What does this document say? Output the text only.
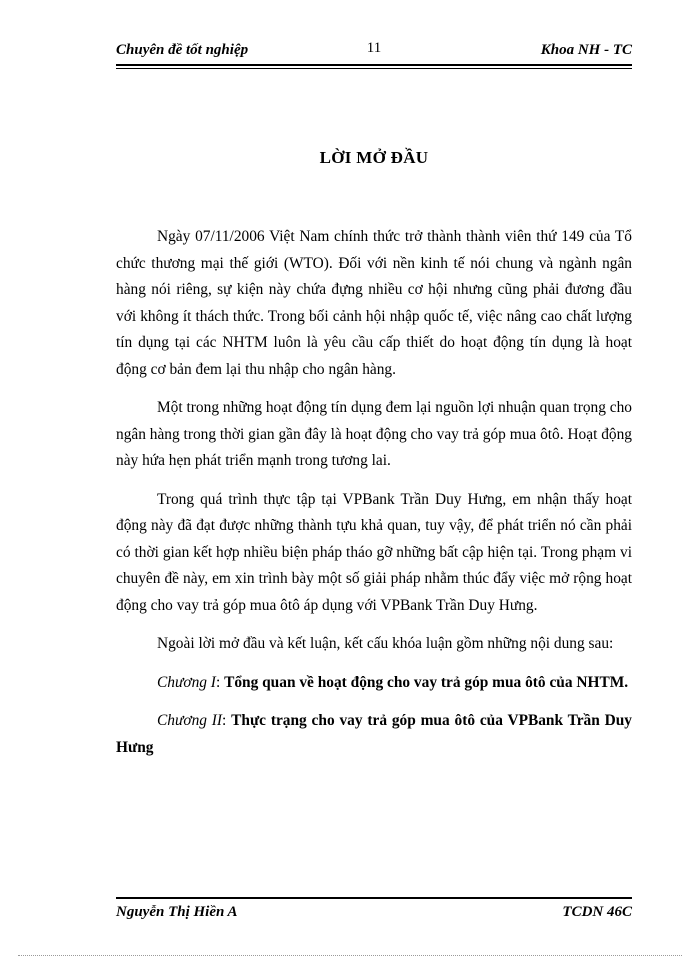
Chuyên đề tốt nghiệp	11	Khoa NH - TC
LỜI MỞ ĐẦU

Ngày 07/11/2006 Việt Nam chính thức trở thành thành viên thứ 149 của Tổ chức thương mại thế giới (WTO). Đối với nền kinh tế nói chung và ngành ngân hàng nói riêng, sự kiện này chứa đựng nhiều cơ hội nhưng cũng phải đương đầu với không ít thách thức. Trong bối cảnh hội nhập quốc tế, việc nâng cao chất lượng tín dụng tại các NHTM luôn là yêu cầu cấp thiết do hoạt động tín dụng là hoạt động cơ bản đem lại thu nhập cho ngân hàng.

Một trong những hoạt động tín dụng đem lại nguồn lợi nhuận quan trọng cho ngân hàng trong thời gian gần đây là hoạt động cho vay trả góp mua ôtô. Hoạt động này hứa hẹn phát triển mạnh trong tương lai.

Trong quá trình thực tập tại VPBank Trần Duy Hưng, em nhận thấy hoạt động này đã đạt được những thành tựu khả quan, tuy vậy, để phát triển nó cần phải có thời gian kết hợp nhiều biện pháp tháo gỡ những bất cập hiện tại. Trong phạm vi chuyên đề này, em xin trình bày một số giải pháp nhằm thúc đẩy việc mở rộng hoạt động cho vay trả góp mua ôtô áp dụng với VPBank Trần Duy Hưng.

Ngoài lời mở đầu và kết luận, kết cấu khóa luận gồm những nội dung sau:

Chương I: Tổng quan về hoạt động cho vay trả góp mua ôtô của NHTM.

Chương II: Thực trạng cho vay trả góp mua ôtô của VPBank Trần Duy Hưng

Nguyễn Thị Hiền A	TCDN 46C
